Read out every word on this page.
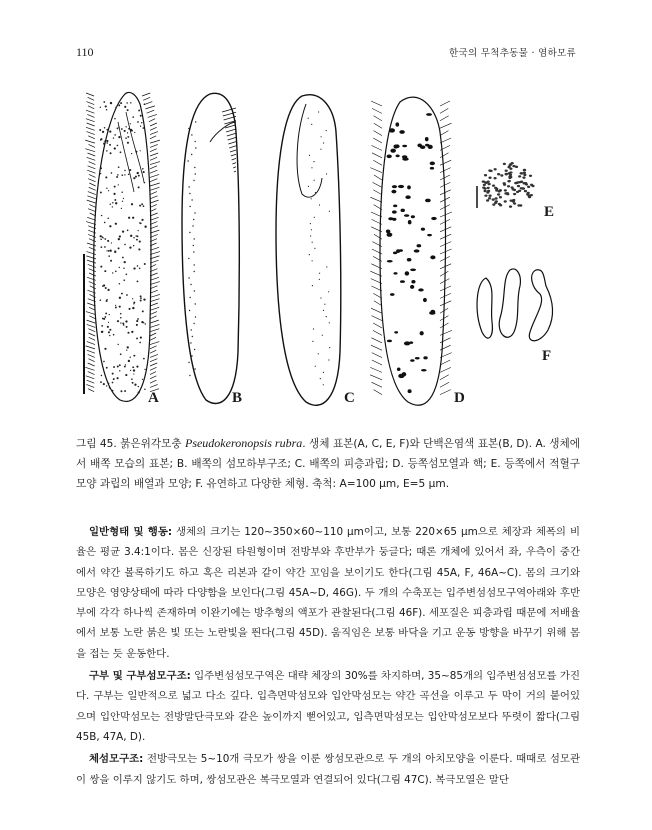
110	한국의 무척추동물 · 염하모류
A	B	C	D
E
F
그림 45. 붉은위각모충 Pseudokeronopsis rubra. 생체 표본(A, C, E, F)와 단백은염색 표본(B, D). A. 생체에서 배쪽 모습의 표본; B. 배쪽의 섬모하부구조; C. 배쪽의 피층과립; D. 등쪽섬모열과 핵; E. 등쪽에서 적혈구 모양 과립의 배열과 모양; F. 유연하고 다양한 체형. 축척: A=100 μm, E=5 μm.

일반형태 및 행동: 생체의 크기는 120~350×60~110 μm이고, 보통 220×65 μm으로 체장과 체폭의 비율은 평균 3.4:1이다. 몸은 신장된 타원형이며 전방부와 후반부가 둥글다; 때론 개체에 있어서 좌, 우측이 중간에서 약간 볼록하기도 하고 혹은 리본과 같이 약간 꼬임을 보이기도 한다(그림 45A, F, 46A~C). 몸의 크기와 모양은 영양상태에 따라 다양함을 보인다(그림 45A~D, 46G). 두 개의 수축포는 입주변섬섬모구역아래와 후반부에 각각 하나씩 존재하며 이완기에는 방추형의 액포가 관찰된다(그림 46F). 세포질은 피층과립 때문에 저배율에서 보통 노란 붉은 빛 또는 노란빛을 띈다(그림 45D). 움직임은 보통 바닥을 기고 운동 방향을 바꾸기 위해 몸을 접는 듯 운동한다.

구부 및 구부섬모구조: 입주변섬섬모구역은 대략 체장의 30%를 차지하며, 35~85개의 입주변섬섬모를 가진다. 구부는 일반적으로 넓고 다소 깊다. 입측면막섬모와 입안막섬모는 약간 곡선을 이루고 두 막이 거의 붙어있으며 입안막섬모는 전방말단극모와 같은 높이까지 뻗어있고, 입측면막섬모는 입안막섬모보다 뚜렷이 짧다(그림 45B, 47A, D).

체섬모구조: 전방극모는 5~10개 극모가 쌍을 이룬 쌍섬모관으로 두 개의 아치모양을 이룬다. 때때로 섬모관이 쌍을 이루지 않기도 하며, 쌍섬모관은 복극모열과 연결되어 있다(그림 47C). 복극모열은 말단
